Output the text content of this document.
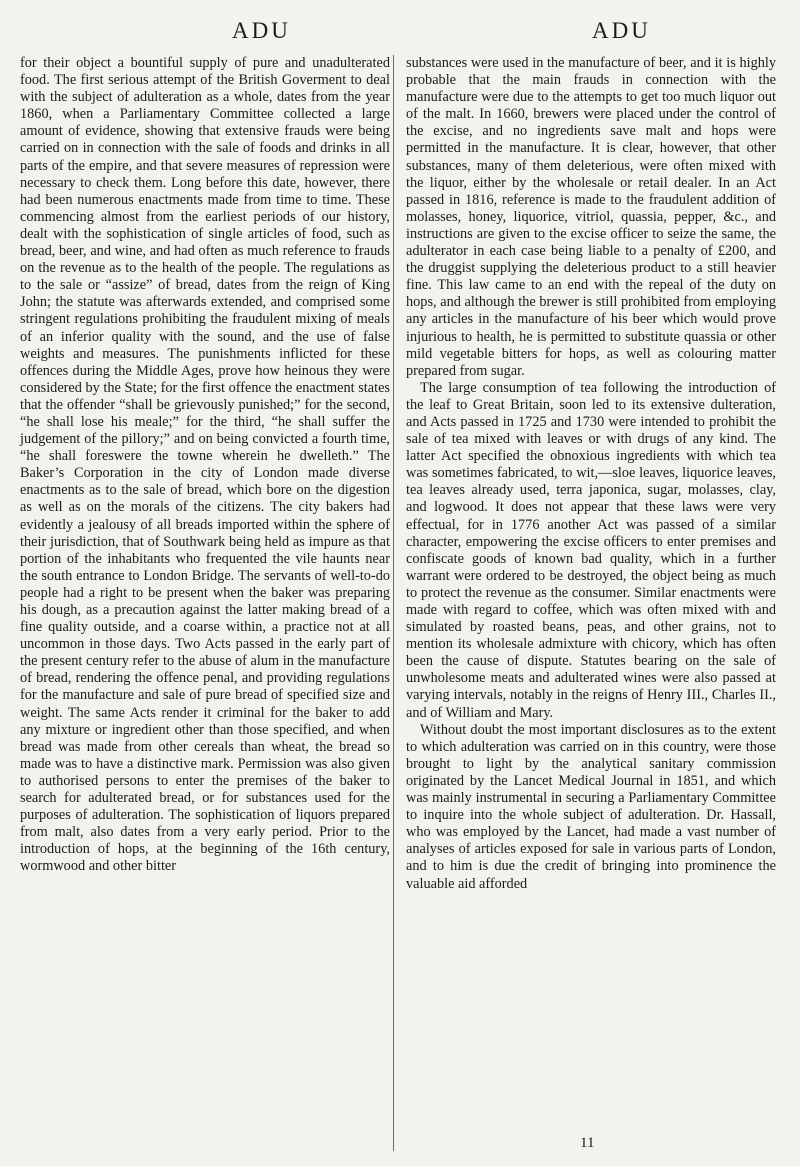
ADU	ADU

for their object a bountiful supply of pure and unadulterated food. The first serious attempt of the British Goverment to deal with the subject of adulteration as a whole, dates from the year 1860, when a Parliamentary Committee collected a large amount of evidence, showing that extensive frauds were being carried on in connection with the sale of foods and drinks in all parts of the empire, and that severe measures of repression were necessary to check them. Long before this date, however, there had been numerous enactments made from time to time. These commencing almost from the earliest periods of our history, dealt with the sophistication of single articles of food, such as bread, beer, and wine, and had often as much reference to frauds on the revenue as to the health of the people. The regulations as to the sale or “assize” of bread, dates from the reign of King John; the statute was afterwards extended, and comprised some stringent regulations prohibiting the fraudulent mixing of meals of an inferior quality with the sound, and the use of false weights and measures. The punishments inflicted for these offences during the Middle Ages, prove how heinous they were considered by the State; for the first offence the enactment states that the offender “shall be grievously punished;” for the second, “he shall lose his meale;” for the third, “he shall suffer the judgement of the pillory;” and on being convicted a fourth time, “he shall foreswere the towne wherein he dwelleth.” The Baker’s Corporation in the city of London made diverse enactments as to the sale of bread, which bore on the digestion as well as on the morals of the citizens. The city bakers had evidently a jealousy of all breads imported within the sphere of their jurisdiction, that of Southwark being held as impure as that portion of the inhabitants who frequented the vile haunts near the south entrance to London Bridge. The servants of well-to-do people had a right to be present when the baker was preparing his dough, as a precaution against the latter making bread of a fine quality outside, and a coarse within, a practice not at all uncommon in those days. Two Acts passed in the early part of the present century refer to the abuse of alum in the manufacture of bread, rendering the offence penal, and providing regulations for the manufacture and sale of pure bread of specified size and weight. The same Acts render it criminal for the baker to add any mixture or ingredient other than those specified, and when bread was made from other cereals than wheat, the bread so made was to have a distinctive mark. Permission was also given to authorised persons to enter the premises of the baker to search for adulterated bread, or for substances used for the purposes of adulteration. The sophistication of liquors prepared from malt, also dates from a very early period. Prior to the introduction of hops, at the beginning of the 16th century, wormwood and other bitter

substances were used in the manufacture of beer, and it is highly probable that the main frauds in connection with the manufacture were due to the attempts to get too much liquor out of the malt. In 1660, brewers were placed under the control of the excise, and no ingredients save malt and hops were permitted in the manufacture. It is clear, however, that other substances, many of them deleterious, were often mixed with the liquor, either by the wholesale or retail dealer. In an Act passed in 1816, reference is made to the fraudulent addition of molasses, honey, liquorice, vitriol, quassia, pepper, &c., and instructions are given to the excise officer to seize the same, the adulterator in each case being liable to a penalty of £200, and the druggist supplying the deleterious product to a still heavier fine. This law came to an end with the repeal of the duty on hops, and although the brewer is still prohibited from employing any articles in the manufacture of his beer which would prove injurious to health, he is permitted to substitute quassia or other mild vegetable bitters for hops, as well as colouring matter prepared from sugar.

The large consumption of tea following the introduction of the leaf to Great Britain, soon led to its extensive dulteration, and Acts passed in 1725 and 1730 were intended to prohibit the sale of tea mixed with leaves or with drugs of any kind. The latter Act specified the obnoxious ingredients with which tea was sometimes fabricated, to wit,—sloe leaves, liquorice leaves, tea leaves already used, terra japonica, sugar, molasses, clay, and logwood. It does not appear that these laws were very effectual, for in 1776 another Act was passed of a similar character, empowering the excise officers to enter premises and confiscate goods of known bad quality, which in a further warrant were ordered to be destroyed, the object being as much to protect the revenue as the consumer. Similar enactments were made with regard to coffee, which was often mixed with and simulated by roasted beans, peas, and other grains, not to mention its wholesale admixture with chicory, which has often been the cause of dispute. Statutes bearing on the sale of unwholesome meats and adulterated wines were also passed at varying intervals, notably in the reigns of Henry III., Charles II., and of William and Mary.

Without doubt the most important disclosures as to the extent to which adulteration was carried on in this country, were those brought to light by the analytical sanitary commission originated by the Lancet Medical Journal in 1851, and which was mainly instrumental in securing a Parliamentary Committee to inquire into the whole subject of adulteration. Dr. Hassall, who was employed by the Lancet, had made a vast number of analyses of articles exposed for sale in various parts of London, and to him is due the credit of bringing into prominence the valuable aid afforded

11
